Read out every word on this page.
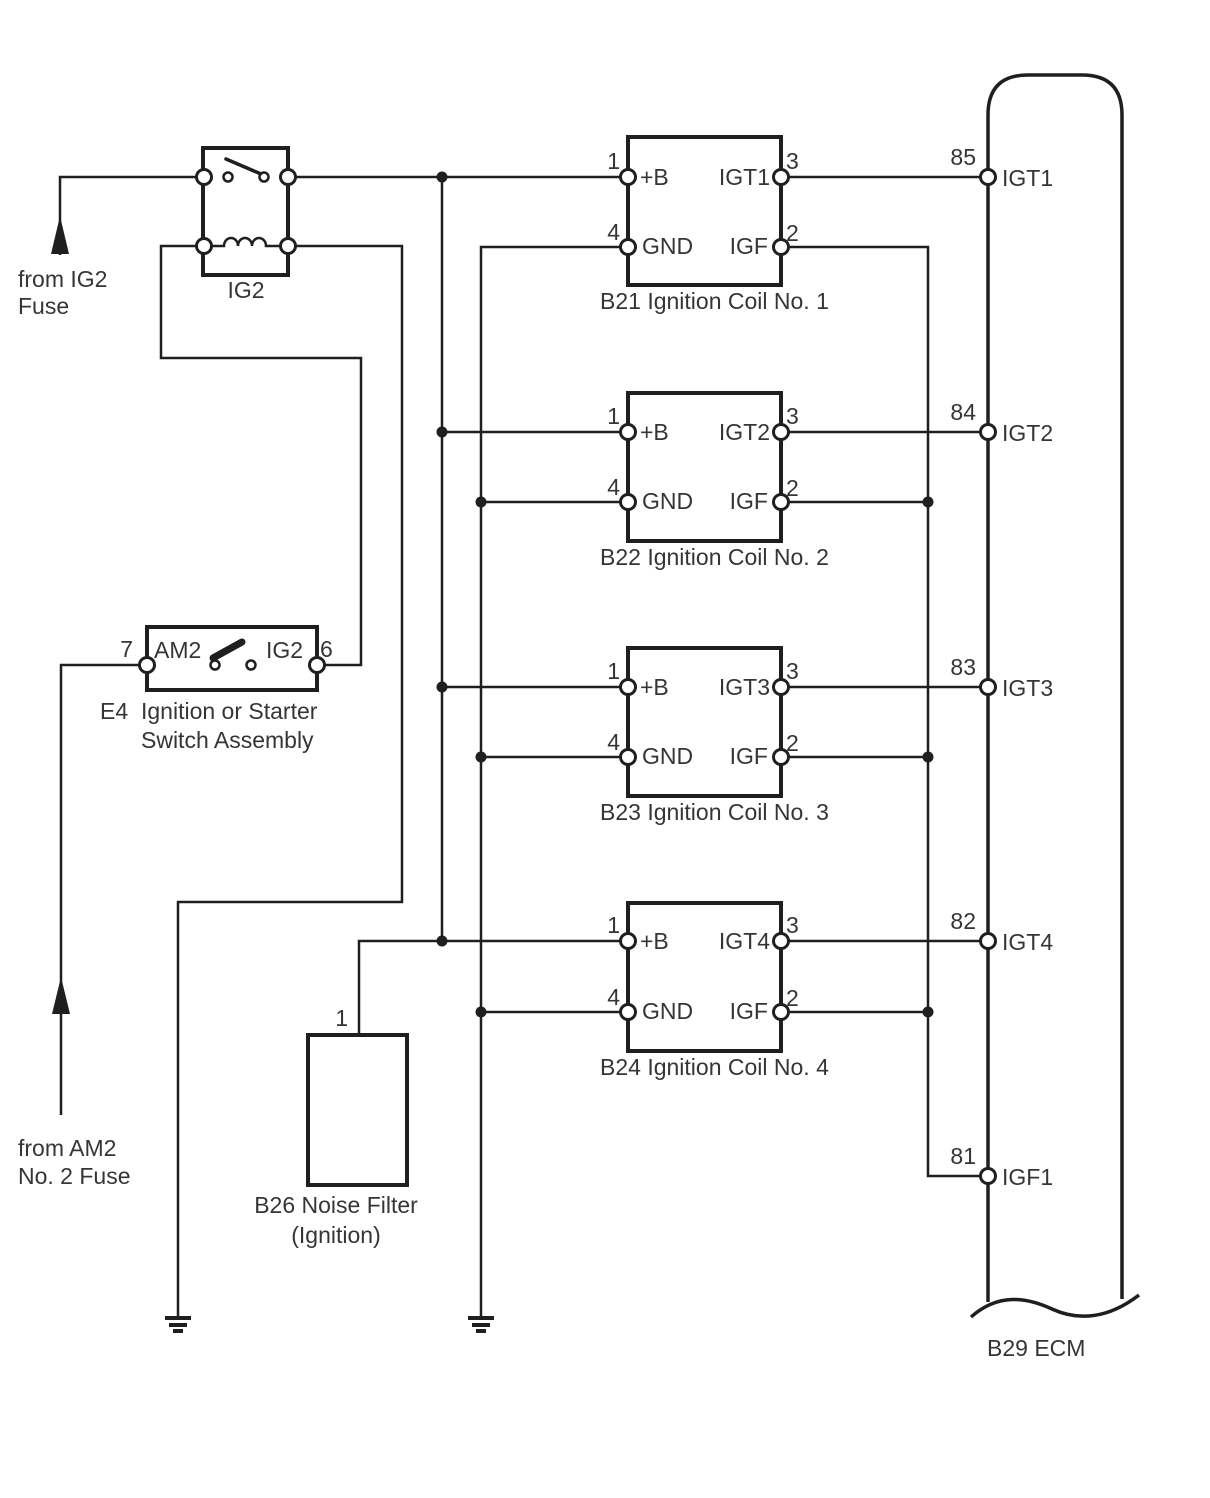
IG2
from IG2
Fuse
from AM2
No. 2 Fuse
7 AM2	IG2 6
E4 Ignition or Starter
Switch Assembly
1
4
3
2
+B
GND
IGT1
IGF
B21 Ignition Coil No. 1
1
4
3
2
+B
GND
IGT2
IGF
B22 Ignition Coil No. 2
1
4
3
2
+B
GND
IGT3
IGF
B23 Ignition Coil No. 3
1
4
3
2
+B
GND
IGT4
IGF
B24 Ignition Coil No. 4
1
B26 Noise Filter
(Ignition)
85
84
83
82
81
IGT1
IGT2
IGT3
IGT4
IGF1
B29 ECM
